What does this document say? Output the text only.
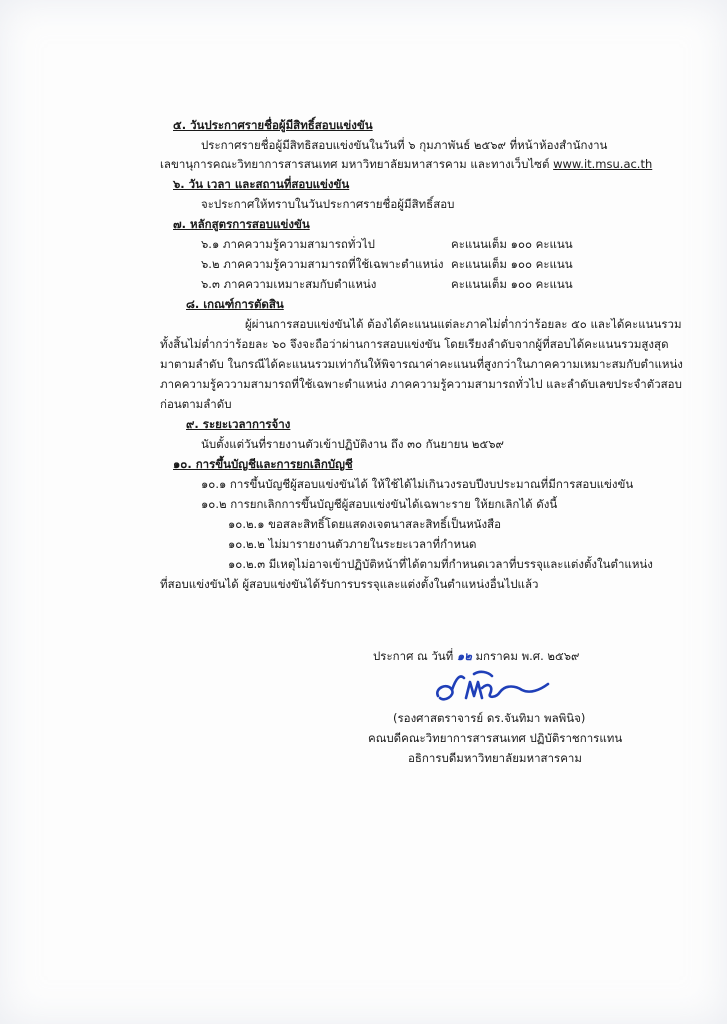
๕. วันประกาศรายชื่อผู้มีสิทธิ์สอบแข่งขัน
ประกาศรายชื่อผู้มีสิทธิสอบแข่งขันในวันที่ ๖ กุมภาพันธ์ ๒๕๖๙ ที่หน้าห้องสำนักงาน
เลขานุการคณะวิทยาการสารสนเทศ มหาวิทยาลัยมหาสารคาม และทางเว็บไซต์ www.it.msu.ac.th
๖. วัน เวลา และสถานที่สอบแข่งขัน
จะประกาศให้ทราบในวันประกาศรายชื่อผู้มีสิทธิ์สอบ
๗. หลักสูตรการสอบแข่งขัน
๖.๑ ภาคความรู้ความสามารถทั่วไป	คะแนนเต็ม ๑๐๐ คะแนน
๖.๒ ภาคความรู้ความสามารถที่ใช้เฉพาะตำแหน่ง คะแนนเต็ม ๑๐๐ คะแนน
๖.๓ ภาคความเหมาะสมกับตำแหน่ง	คะแนนเต็ม ๑๐๐ คะแนน
๘. เกณฑ์การตัดสิน
ผู้ผ่านการสอบแข่งขันได้ ต้องได้คะแนนแต่ละภาคไม่ต่ำกว่าร้อยละ ๕๐ และได้คะแนนรวม
ทั้งสิ้นไม่ต่ำกว่าร้อยละ ๖๐ จึงจะถือว่าผ่านการสอบแข่งขัน โดยเรียงลำดับจากผู้ที่สอบได้คะแนนรวมสูงสุด
มาตามลำดับ ในกรณีได้คะแนนรวมเท่ากันให้พิจารณาค่าคะแนนที่สูงกว่าในภาคความเหมาะสมกับตำแหน่ง
ภาคความรู้คววามสามารถที่ใช้เฉพาะตำแหน่ง ภาคความรู้ความสามารถทั่วไป และลำดับเลขประจำตัวสอบ
ก่อนตามลำดับ
๙. ระยะเวลาการจ้าง
นับตั้งแต่วันที่รายงานตัวเข้าปฏิบัติงาน ถึง ๓๐ กันยายน ๒๕๖๙
๑๐. การขึ้นบัญชีและการยกเลิกบัญชี
๑๐.๑ การขึ้นบัญชีผู้สอบแข่งขันได้ ให้ใช้ได้ไม่เกินวงรอบปีงบประมาณที่มีการสอบแข่งขัน
๑๐.๒ การยกเลิกการขึ้นบัญชีผู้สอบแข่งขันได้เฉพาะราย ให้ยกเลิกได้ ดังนี้
๑๐.๒.๑ ขอสละสิทธิ์โดยแสดงเจตนาสละสิทธิ์เป็นหนังสือ
๑๐.๒.๒ ไม่มารายงานตัวภายในระยะเวลาที่กำหนด
๑๐.๒.๓ มีเหตุไม่อาจเข้าปฏิบัติหน้าที่ได้ตามที่กำหนดเวลาที่บรรจุและแต่งตั้งในตำแหน่ง
ที่สอบแข่งขันได้ ผู้สอบแข่งขันได้รับการบรรจุและแต่งตั้งในตำแหน่งอื่นไปแล้ว
ประกาศ ณ วันที่ ๑๒ มกราคม พ.ศ. ๒๕๖๙
(รองศาสตราจารย์ ดร.จันทิมา พลพินิจ)
คณบดีคณะวิทยาการสารสนเทศ ปฏิบัติราชการแทน
อธิการบดีมหาวิทยาลัยมหาสารคาม
